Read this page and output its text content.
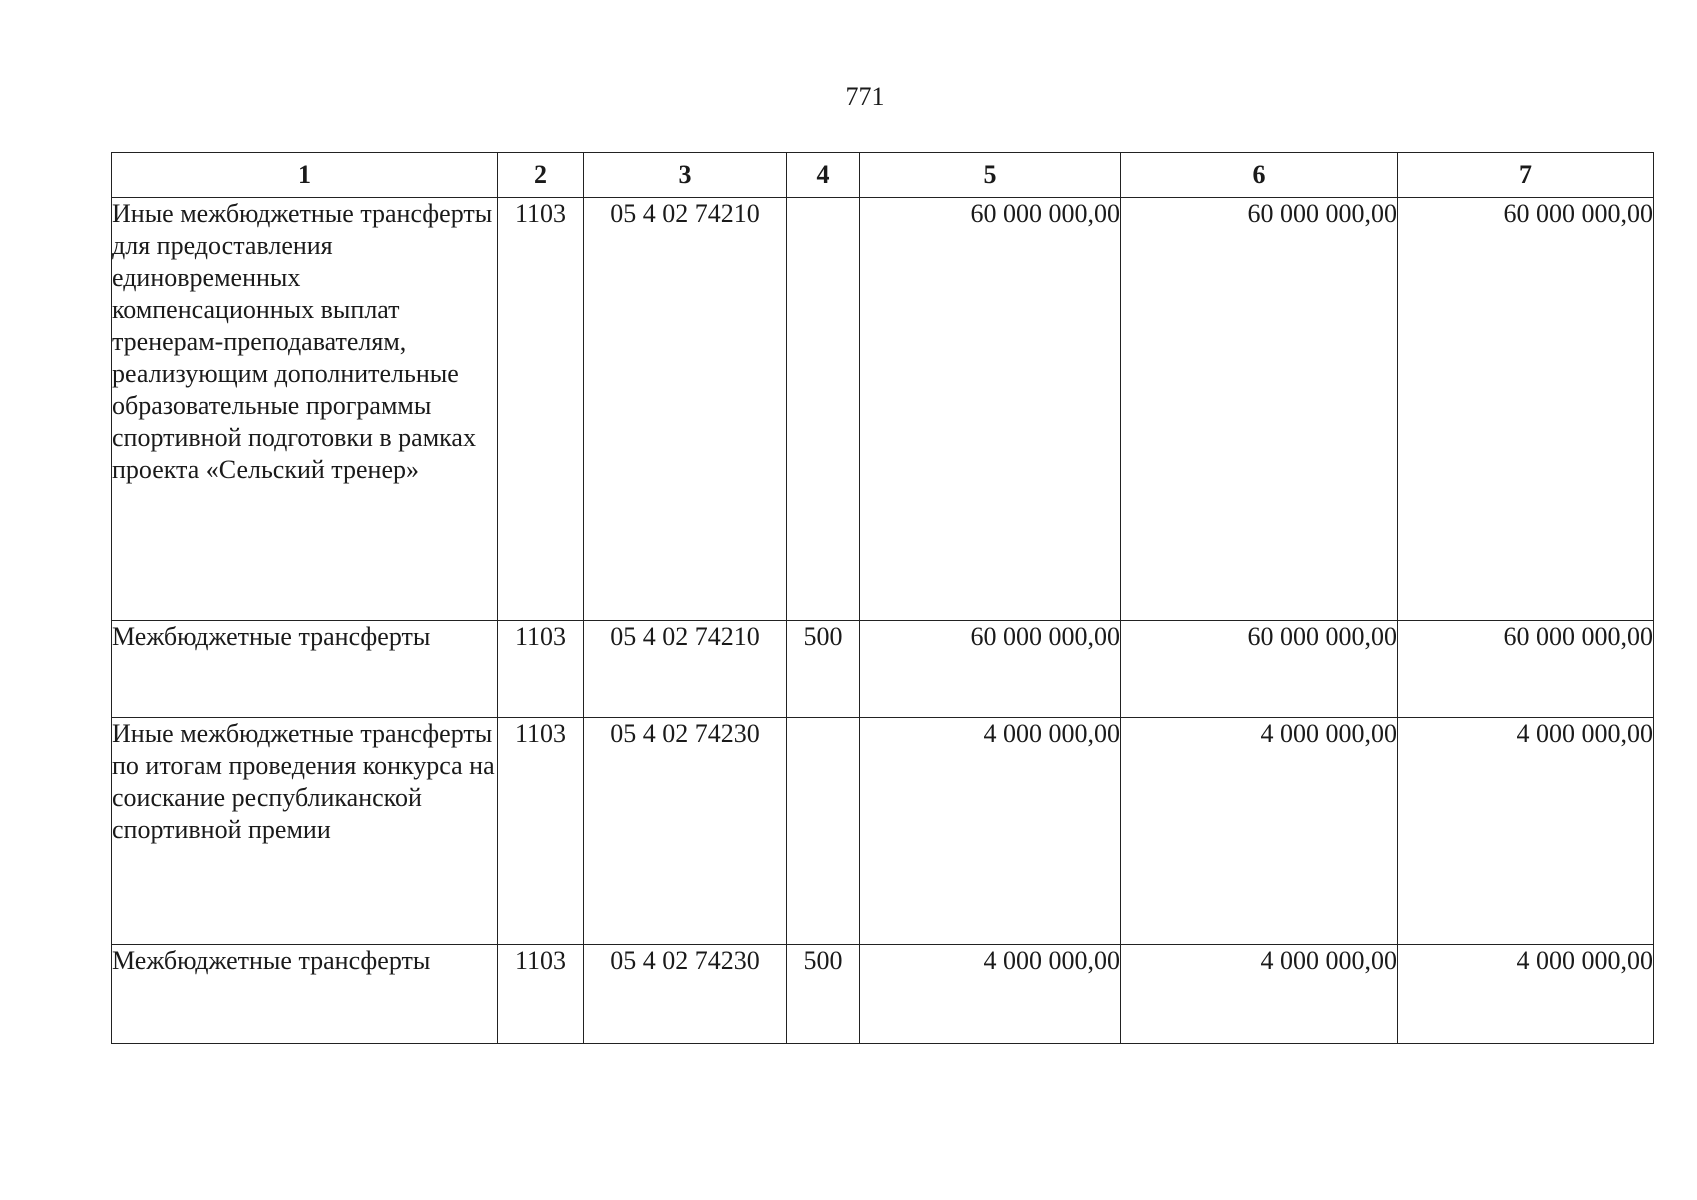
771
1	2	3	4	5	6	7
Иные межбюджетные трансферты для предоставления единовременных компенсационных выплат тренерам-преподавателям, реализующим дополнительные образовательные программы спортивной подготовки в рамках проекта «Сельский тренер»	1103	05 4 02 74210		60 000 000,00	60 000 000,00	60 000 000,00
Межбюджетные трансферты	1103	05 4 02 74210	500	60 000 000,00	60 000 000,00	60 000 000,00
Иные межбюджетные трансферты по итогам проведения конкурса на соискание республиканской спортивной премии	1103	05 4 02 74230		4 000 000,00	4 000 000,00	4 000 000,00
Межбюджетные трансферты	1103	05 4 02 74230	500	4 000 000,00	4 000 000,00	4 000 000,00
